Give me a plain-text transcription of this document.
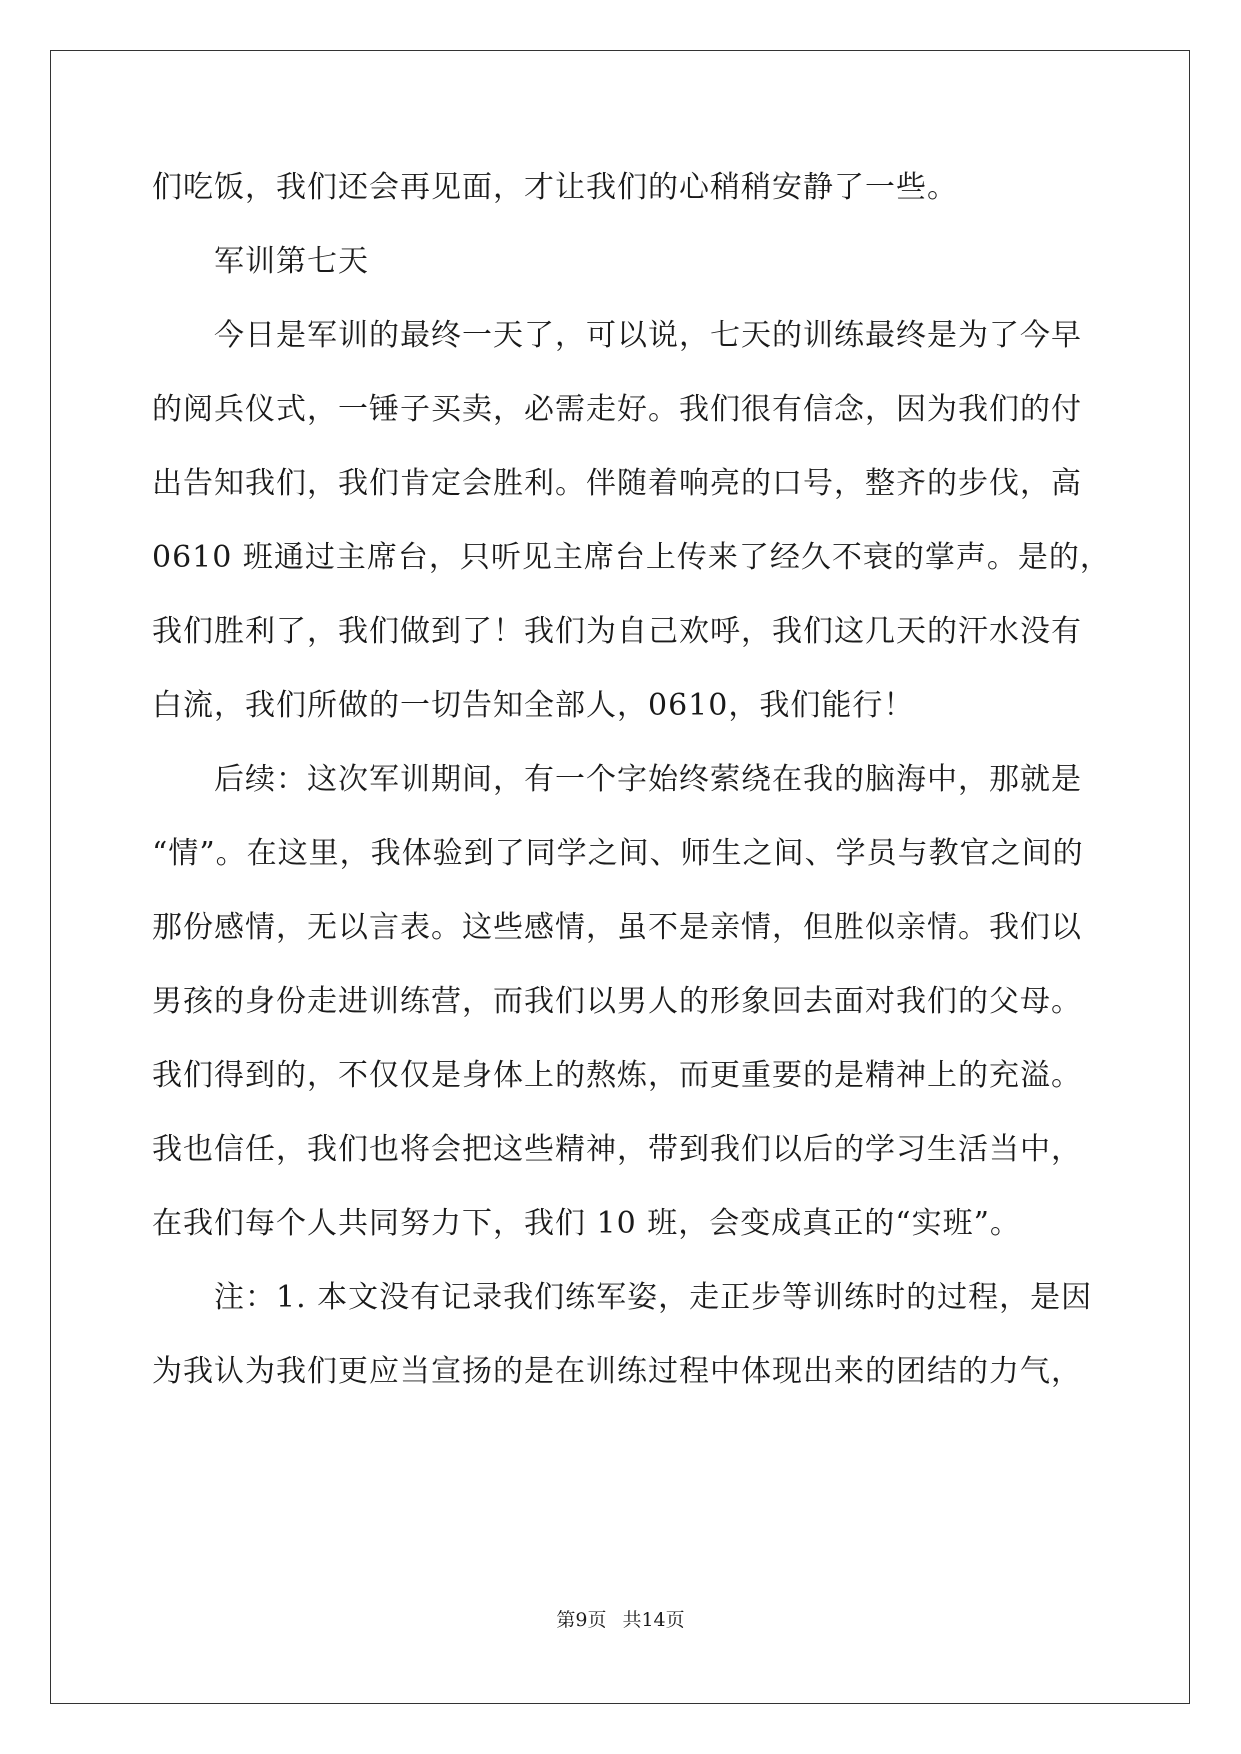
们吃饭，我们还会再见面，才让我们的心稍稍安静了一些。
军训第七天
今日是军训的最终一天了，可以说，七天的训练最终是为了今早
的阅兵仪式，一锤子买卖，必需走好。我们很有信念，因为我们的付
出告知我们，我们肯定会胜利。伴随着响亮的口号，整齐的步伐，高
0610 班通过主席台，只听见主席台上传来了经久不衰的掌声。是的，
我们胜利了，我们做到了！我们为自己欢呼，我们这几天的汗水没有
白流，我们所做的一切告知全部人，0610，我们能行！
后续：这次军训期间，有一个字始终萦绕在我的脑海中，那就是
“情”。在这里，我体验到了同学之间、师生之间、学员与教官之间的
那份感情，无以言表。这些感情，虽不是亲情，但胜似亲情。我们以
男孩的身份走进训练营，而我们以男人的形象回去面对我们的父母。
我们得到的，不仅仅是身体上的熬炼，而更重要的是精神上的充溢。
我也信任，我们也将会把这些精神，带到我们以后的学习生活当中，
在我们每个人共同努力下，我们 10 班，会变成真正的“实班”。
注：1. 本文没有记录我们练军姿，走正步等训练时的过程，是因
为我认为我们更应当宣扬的是在训练过程中体现出来的团结的力气，
第9页 共14页
